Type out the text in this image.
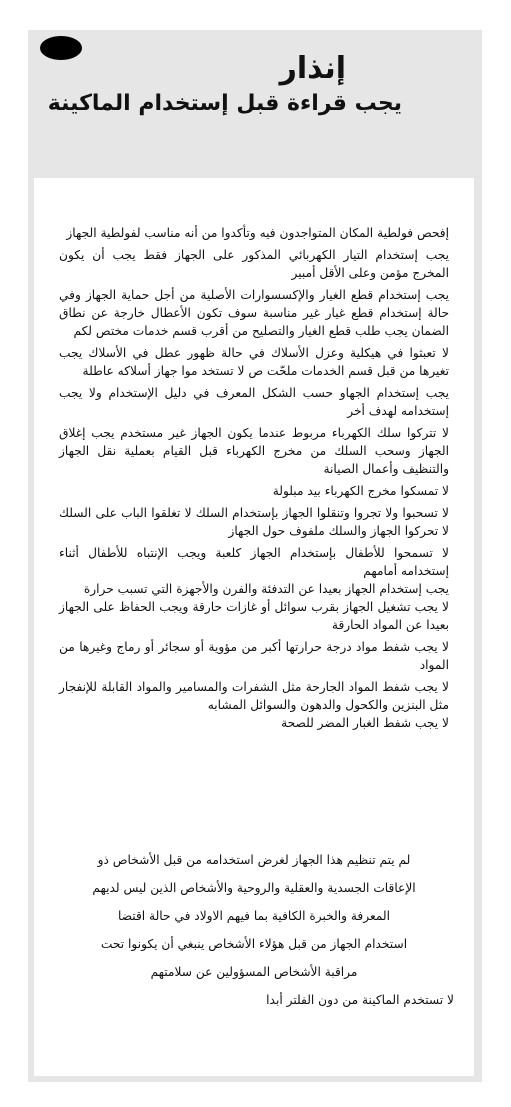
إنذار
يجب قراءة قبل إستخدام الماكينة

إفحص فولطية المكان المتواجدون فيه وتأكدوا من أنه مناسب لفولطية الجهاز

يجب إستخدام التيار الكهربائي المذكور على الجهاز فقط يجب أن يكون المخرج مؤمن وعلى الأقل أمبير

يجب إستخدام قطع الغيار والإكسسوارات الأصلية من أجل حماية الجهاز وفي حالة إستخدام قطع غيار غير مناسبة سوف تكون الأعطال خارجة عن نطاق الضمان يجب طلب قطع الغيار والتصليح من أقرب قسم خدمات مختص لكم

لا تعبثوا في هيكلية وعزل الأسلاك في حالة ظهور عطل في الأسلاك يجب تغيرها من قبل قسم الخدمات ملحّت ص لا تستخد موا جهاز أسلاكه عاطلة

يجب إستخدام الجهاو حسب الشكل المعرف في دليل الإستخدام ولا يجب إستخدامه لهدف أخر

لا تتركوا سلك الكهرباء مربوط عندما يكون الجهاز غير مستخدم يجب إغلاق الجهاز وسحب السلك من مخرج الكهرباء قبل القيام بعملية نقل الجهاز والتنظيف وأعمال الصيانة

لا تمسكوا مخرج الكهرباء بيد مبلولة

لا تسحبوا ولا تجروا وتنقلوا الجهاز بإستخدام السلك لا تغلقوا الباب على السلك لا تحركوا الجهاز والسلك ملفوف حول الجهاز

لا تسمحوا للأطفال بإستخدام الجهاز كلعبة ويجب الإنتباه للأطفال أثناء إستخدامه أمامهم

يجب إستخدام الجهاز بعيدا عن التدفئة والفرن والأجهزة التي تسبب حرارة

لا يجب تشغيل الجهاز بقرب سوائل أو غازات حارقة ويجب الحفاظ على الجهاز بعيدا عن المواد الحارقة

لا يجب شفط مواد درجة حرارتها أكبر من مؤوية أو سجائر أو رماج وغيرها من المواد

لا يجب شفط المواد الجارحة مثل الشفرات والمسامير والمواد القابلة للإنفجار مثل البنزين والكحول والدهون والسوائل المشابه

لا يجب شفط الغبار المضر للصحة

لم يتم تنظيم هذا الجهاز لغرض استخدامه من قبل الأشخاص ذو
الإعاقات الجسدية والعقلية والروحية والأشخاص الذين ليس لديهم
المعرفة والخبرة الكافية بما فيهم الاولاد في حالة اقتضا
استخدام الجهاز من قبل هؤلاء الأشخاص ينبغي أن يكونوا تحت
مراقبة الأشخاص المسؤولين عن سلامتهم
لا تستخدم الماكينة من دون الفلتر أبدا
